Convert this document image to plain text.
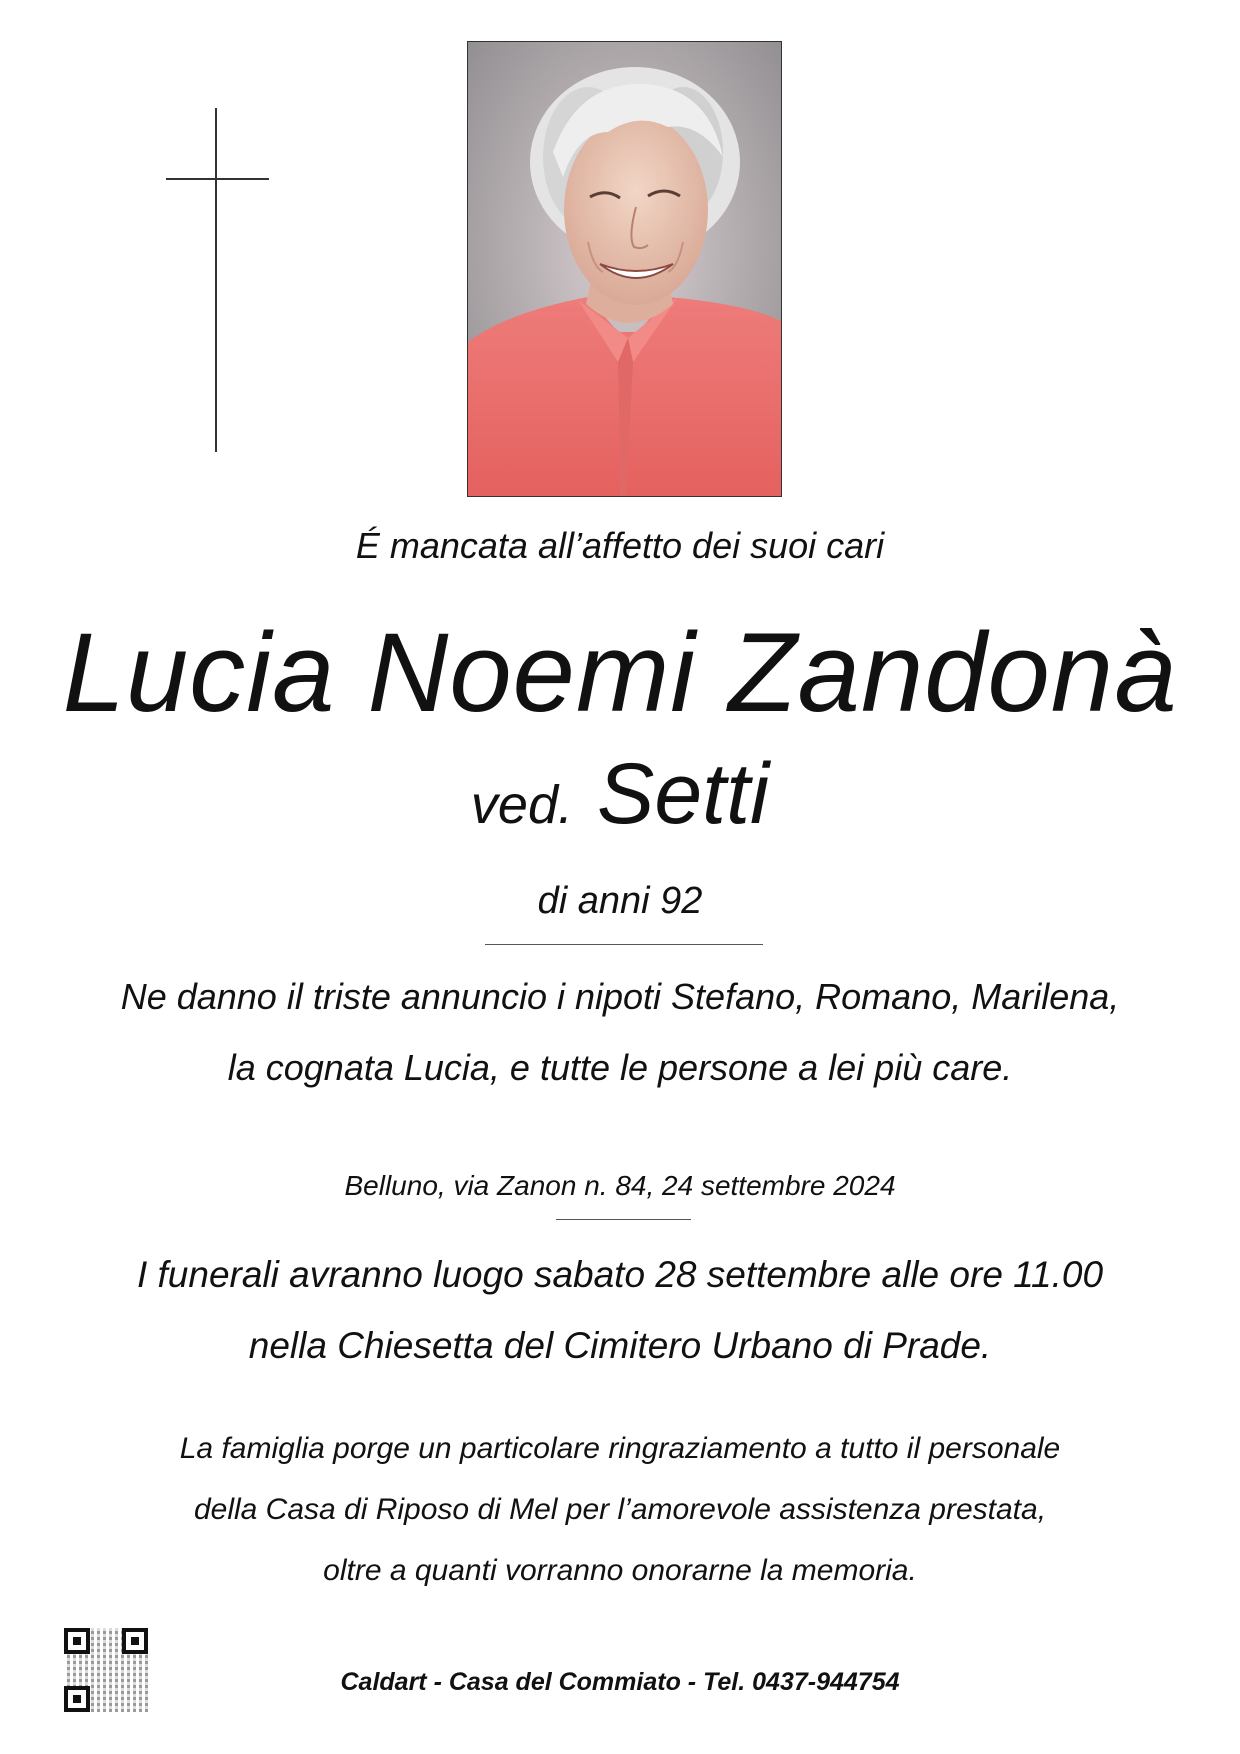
É mancata all’affetto dei suoi cari
Lucia Noemi Zandonà
ved. Setti
di anni 92
Ne danno il triste annuncio i nipoti Stefano, Romano, Marilena,
la cognata Lucia, e tutte le persone a lei più care.
Belluno, via Zanon n. 84, 24 settembre 2024
I funerali avranno luogo sabato 28 settembre alle ore 11.00
nella Chiesetta del Cimitero Urbano di Prade.
La famiglia porge un particolare ringraziamento a tutto il personale
della Casa di Riposo di Mel per l’amorevole assistenza prestata,
oltre a quanti vorranno onorarne la memoria.
Caldart - Casa del Commiato - Tel. 0437-944754
